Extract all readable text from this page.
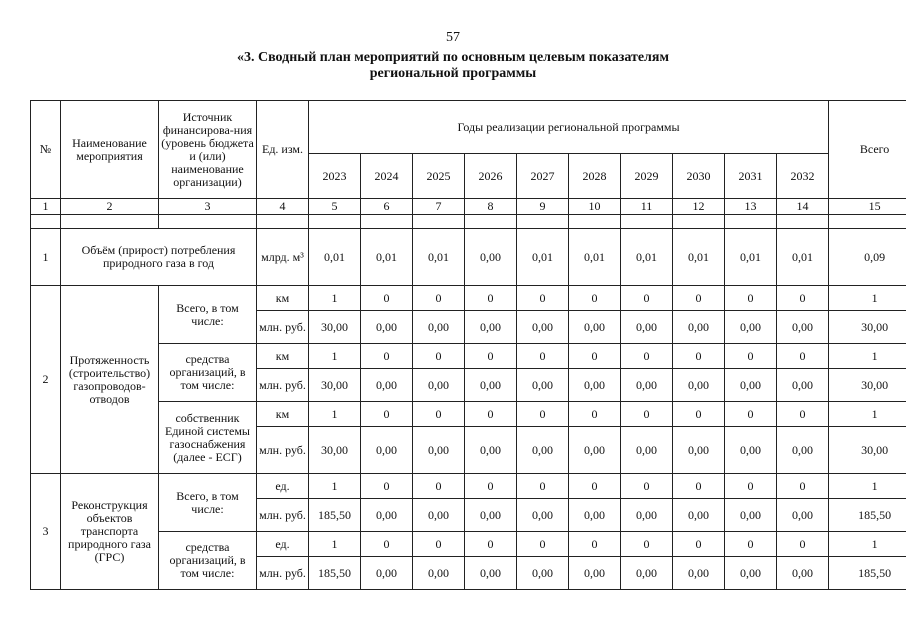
57
«3. Сводный план мероприятий по основным целевым показателям
региональной программы
№	Наименование мероприятия	Источник финансирова-ния (уровень бюджета и (или) наименование организации)	Ед. изм.	Годы реализации региональной программы										Всего
				2023	2024	2025	2026	2027	2028	2029	2030	2031	2032	
1	2	3	4	5	6	7	8	9	10	11	12	13	14	15

1	Объём (прирост) потребления природного газа в год		млрд. м³	0,01	0,01	0,01	0,00	0,01	0,01	0,01	0,01	0,01	0,01	0,09
2	Протяженность (строительство) газопроводов-отводов	Всего, в том числе:	км	1	0	0	0	0	0	0	0	0	0	1
			млн. руб.	30,00	0,00	0,00	0,00	0,00	0,00	0,00	0,00	0,00	0,00	30,00
		средства организаций, в том числе:	км	1	0	0	0	0	0	0	0	0	0	1
			млн. руб.	30,00	0,00	0,00	0,00	0,00	0,00	0,00	0,00	0,00	0,00	30,00
		собственник Единой системы газоснабжения (далее - ЕСГ)	км	1	0	0	0	0	0	0	0	0	0	1
			млн. руб.	30,00	0,00	0,00	0,00	0,00	0,00	0,00	0,00	0,00	0,00	30,00
3	Реконструкция объектов транспорта природного газа (ГРС)	Всего, в том числе:	ед.	1	0	0	0	0	0	0	0	0	0	1
			млн. руб.	185,50	0,00	0,00	0,00	0,00	0,00	0,00	0,00	0,00	0,00	185,50
		средства организаций, в том числе:	ед.	1	0	0	0	0	0	0	0	0	0	1
			млн. руб.	185,50	0,00	0,00	0,00	0,00	0,00	0,00	0,00	0,00	0,00	185,50
